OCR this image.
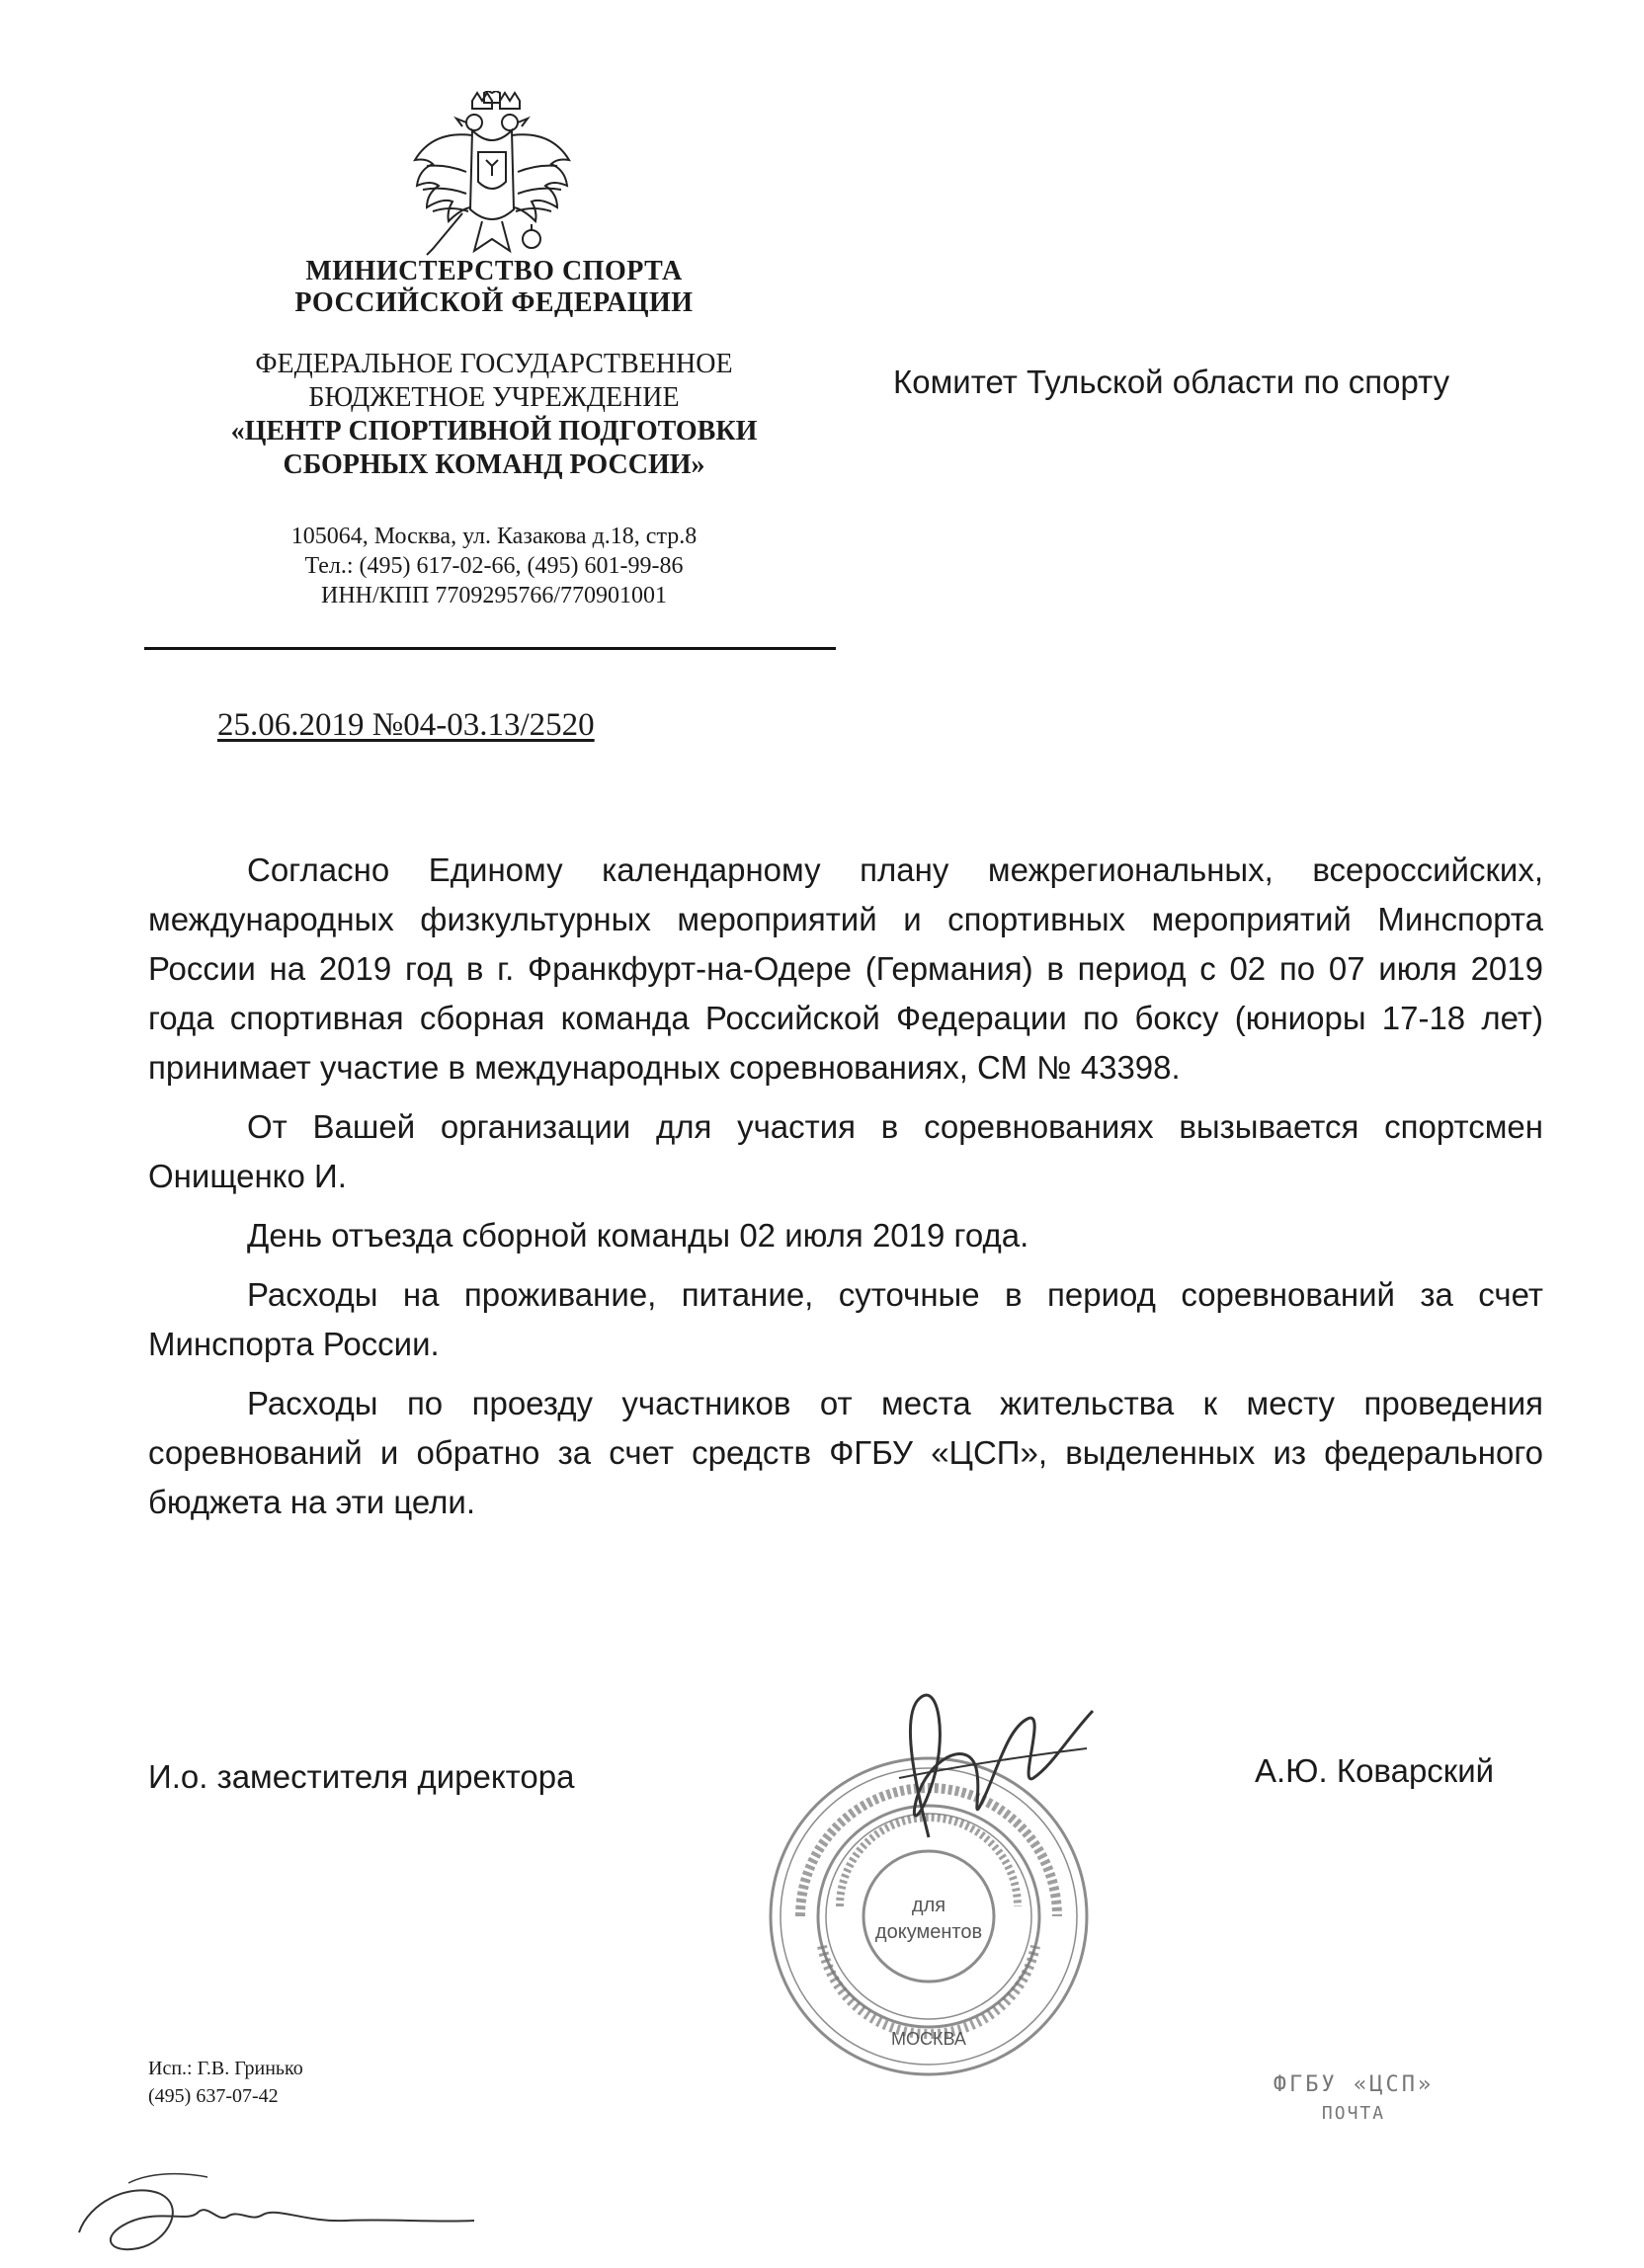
МИНИСТЕРСТВО СПОРТА
РОССИЙСКОЙ ФЕДЕРАЦИИ
ФЕДЕРАЛЬНОЕ ГОСУДАРСТВЕННОЕ
БЮДЖЕТНОЕ УЧРЕЖДЕНИЕ
«ЦЕНТР СПОРТИВНОЙ ПОДГОТОВКИ
СБОРНЫХ КОМАНД РОССИИ»
105064, Москва, ул. Казакова д.18, стр.8
Тел.: (495) 617-02-66, (495) 601-99-86
ИНН/КПП 7709295766/770901001
Комитет Тульской области по спорту
25.06.2019 №04-03.13/2520

Согласно Единому календарному плану межрегиональных, всероссийских, международных физкультурных мероприятий и спортивных мероприятий Минспорта России на 2019 год в г. Франкфурт-на-Одере (Германия) в период с 02 по 07 июля 2019 года спортивная сборная команда Российской Федерации по боксу (юниоры 17-18 лет) принимает участие в международных соревнованиях, СМ № 43398.

От Вашей организации для участия в соревнованиях вызывается спортсмен Онищенко И.

День отъезда сборной команды 02 июля 2019 года.

Расходы на проживание, питание, суточные в период соревнований за счет Минспорта России.

Расходы по проезду участников от места жительства к месту проведения соревнований и обратно за счет средств ФГБУ «ЦСП», выделенных из федерального бюджета на эти цели.

И.о. заместителя директора	А.Ю. Коварский
для
документов
МОСКВА
Исп.: Г.В. Гринько
(495) 637-07-42	ФГБУ «ЦСП»
ПОЧТА
